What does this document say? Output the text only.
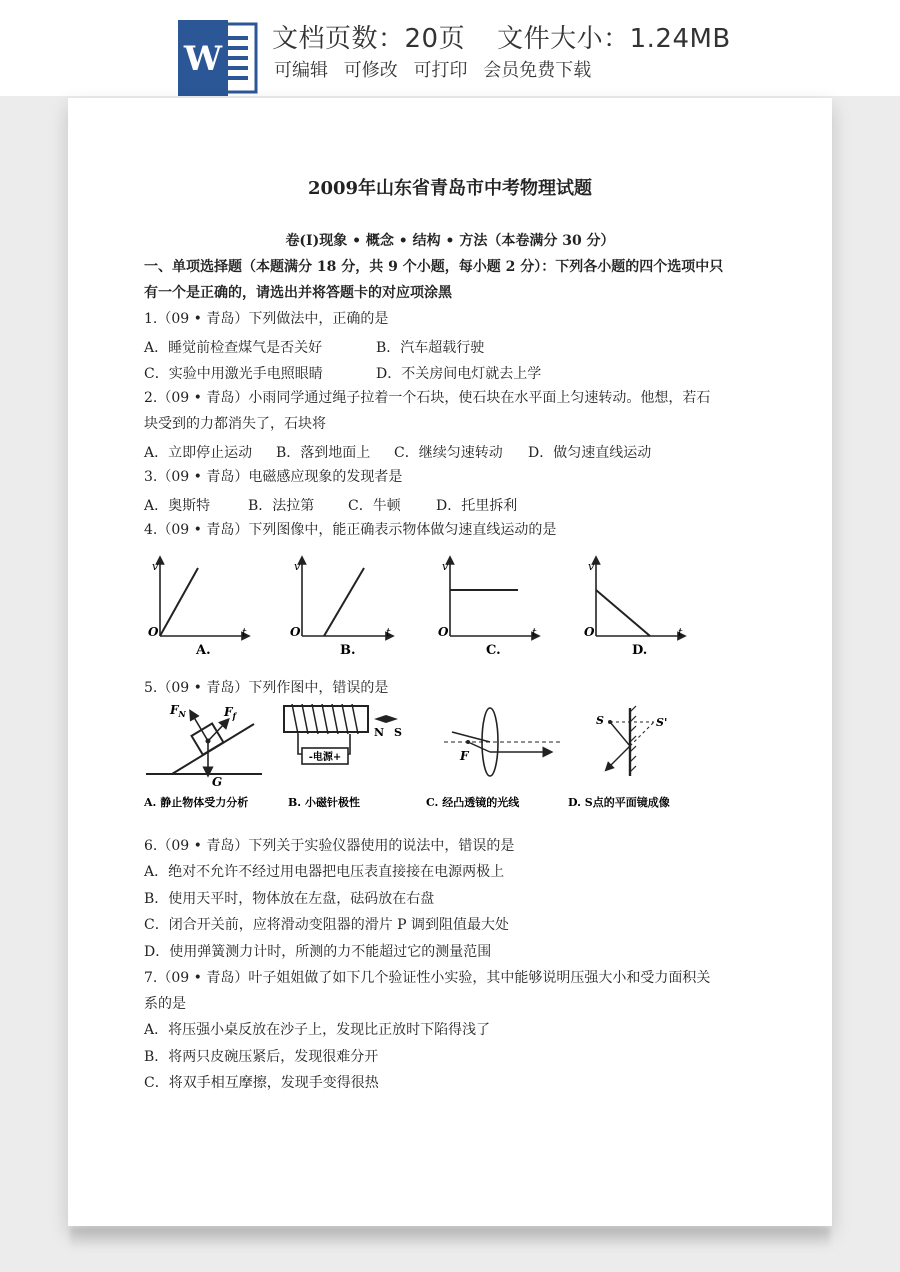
W 文档页数：20页 文件大小：1.24MB
可编辑 可修改 可打印 会员免费下载
2009年山东省青岛市中考物理试题
卷(I)现象 • 概念 • 结构 • 方法（本卷满分 30 分）
一、单项选择题（本题满分 18 分，共 9 个小题，每小题 2 分）：下列各小题的四个选项中只
有一个是正确的，请选出并将答题卡的对应项涂黑
1.（09 • 青岛）下列做法中，正确的是
A．睡觉前检查煤气是否关好	B．汽车超载行驶
C．实验中用激光手电照眼睛	D．不关房间电灯就去上学
2.（09 • 青岛）小雨同学通过绳子拉着一个石块，使石块在水平面上匀速转动。他想，若石
块受到的力都消失了，石块将
A．立即停止运动 B．落到地面上 C．继续匀速转动 D．做匀速直线运动
3.（09 • 青岛）电磁感应现象的发现者是
A．奥斯特	B．法拉第 C．牛顿	D．托里拆利
4.（09 • 青岛）下列图像中，能正确表示物体做匀速直线运动的是
v
O	t
A.
v
O	t
B.
v
O	t
C.
v
O	t
D.
5.（09 • 青岛）下列作图中，错误的是
$F_N$	$F_f$
G
-电源+
N S
F
S	S'
A. 静止物体受力分析	B. 小磁针极性	C. 经凸透镜的光线	D. S点的平面镜成像
6.（09 • 青岛）下列关于实验仪器使用的说法中，错误的是
A．绝对不允许不经过用电器把电压表直接接在电源两极上
B．使用天平时，物体放在左盘，砝码放在右盘
C．闭合开关前，应将滑动变阻器的滑片 P 调到阻值最大处
D．使用弹簧测力计时，所测的力不能超过它的测量范围
7.（09 • 青岛）叶子姐姐做了如下几个验证性小实验，其中能够说明压强大小和受力面积关
系的是
A．将压强小桌反放在沙子上，发现比正放时下陷得浅了
B．将两只皮碗压紧后，发现很难分开
C．将双手相互摩擦，发现手变得很热
